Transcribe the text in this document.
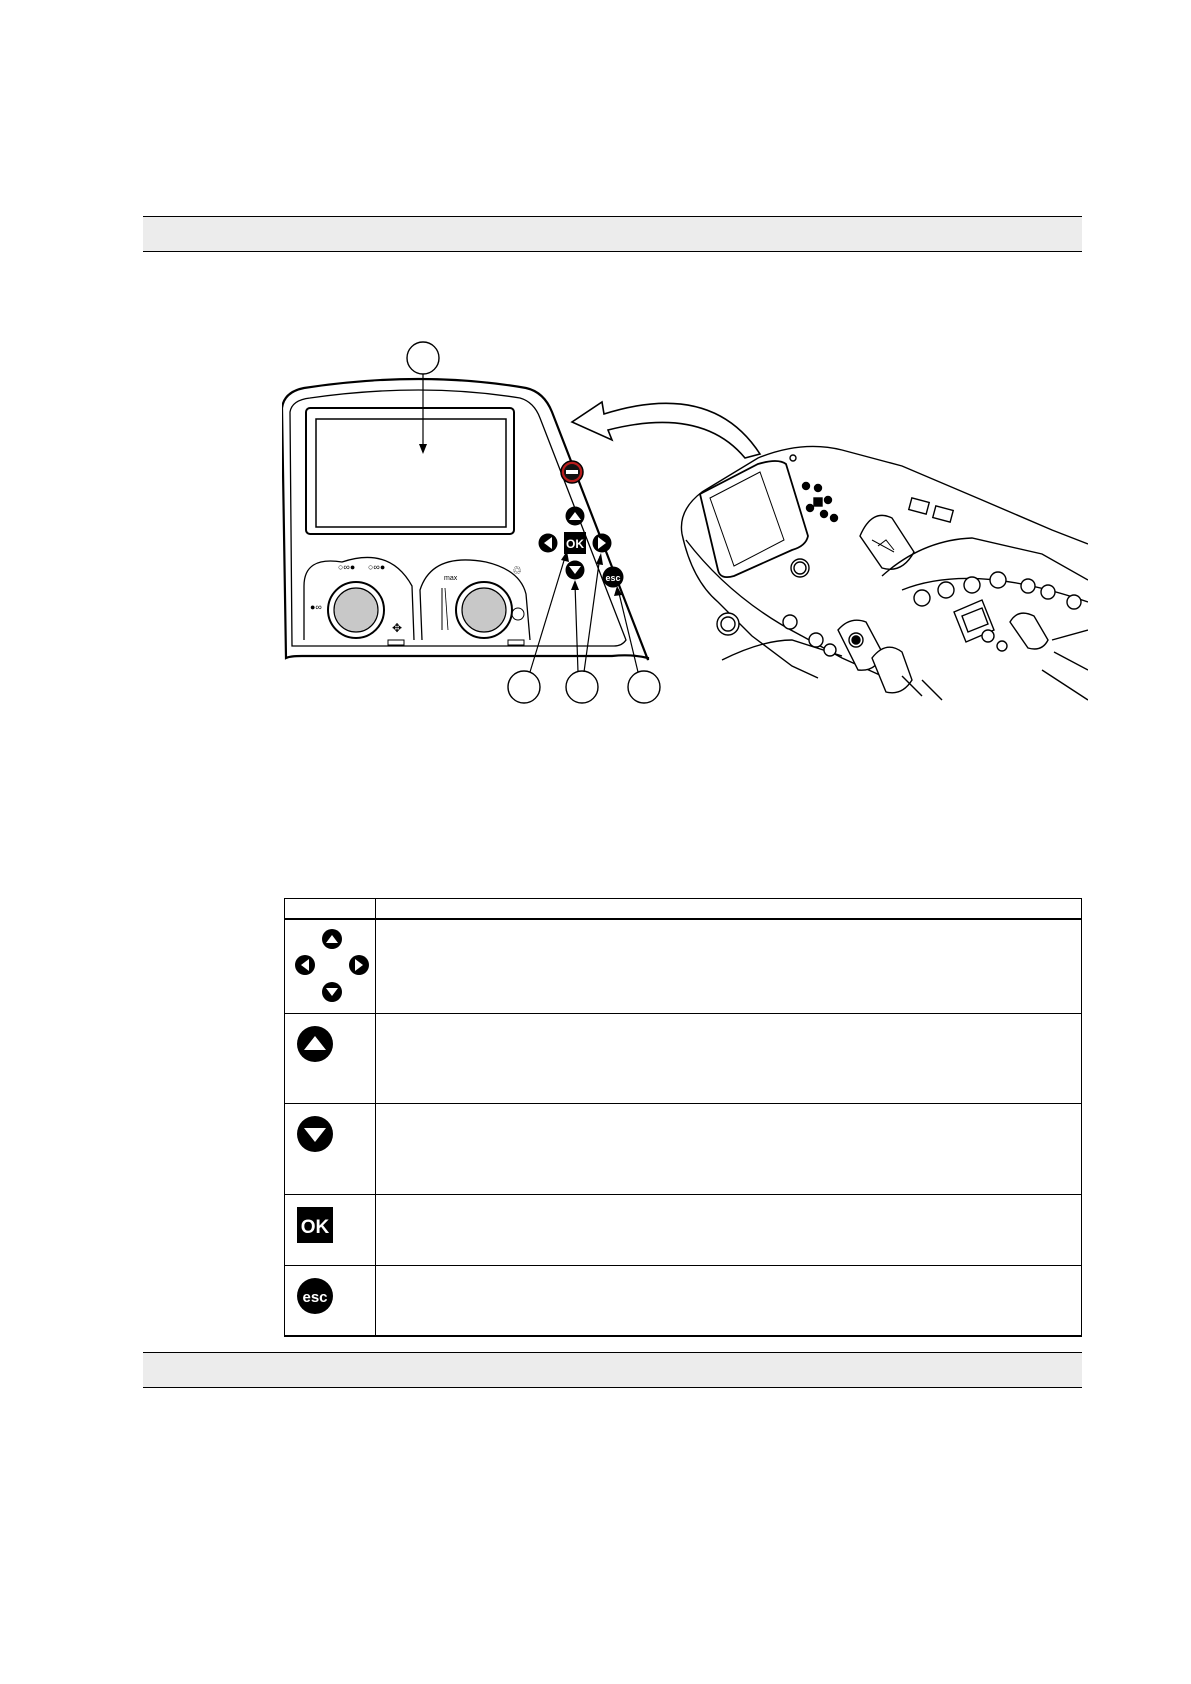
○∞● ○∞●
●∞
✥
max
♲
OK
esc

OK	

esc	
